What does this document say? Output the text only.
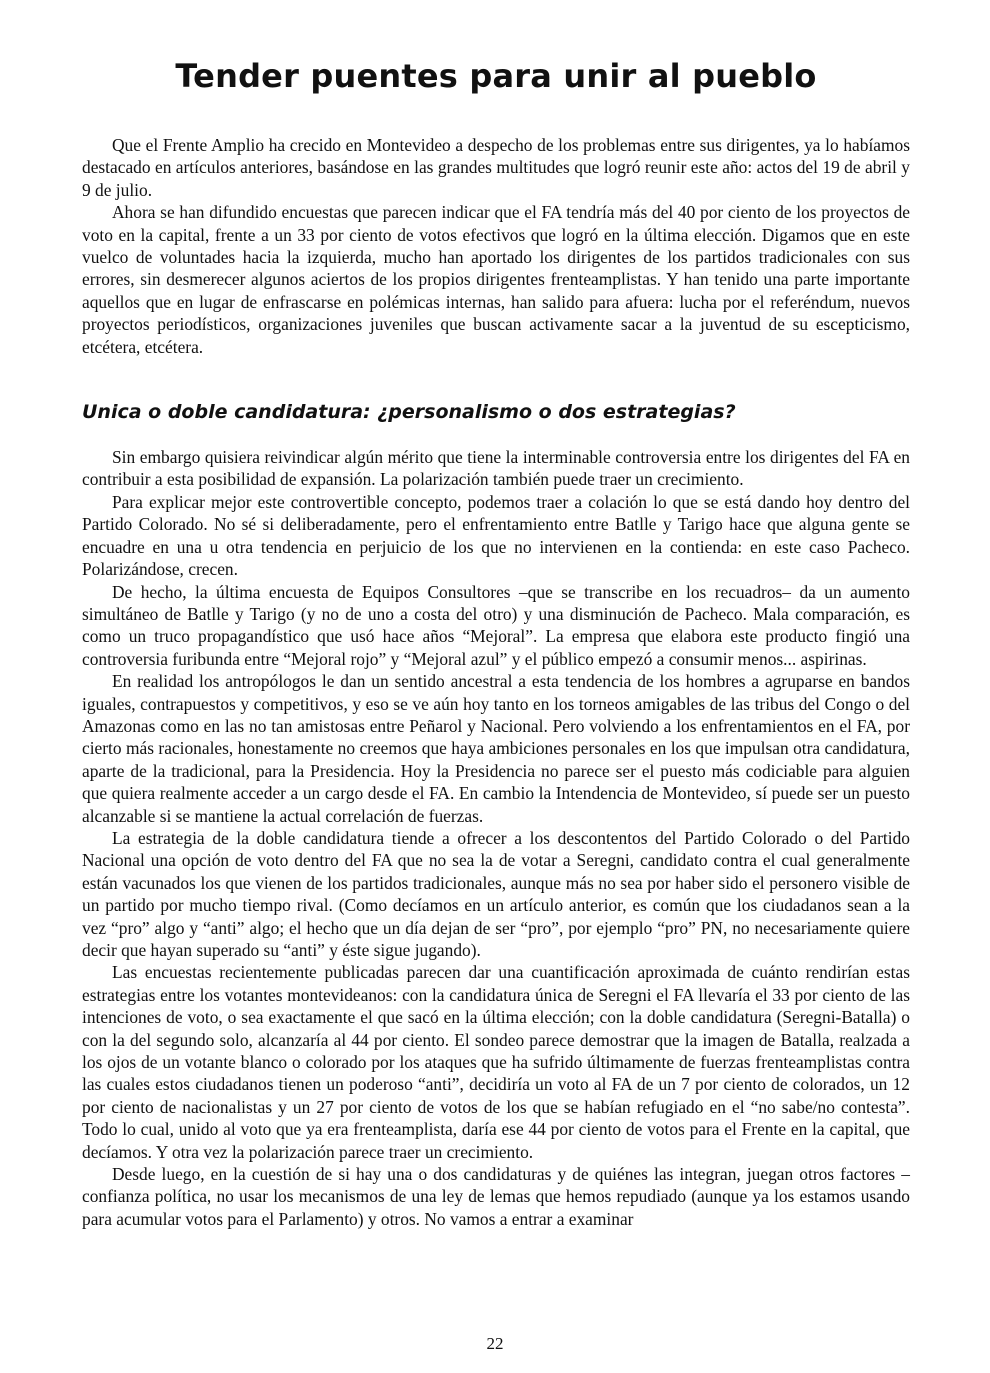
Tender puentes para unir al pueblo

Que el Frente Amplio ha crecido en Montevideo a despecho de los problemas entre sus dirigentes, ya lo habíamos destacado en artículos anteriores, basándose en las grandes multitudes que logró reunir este año: actos del 19 de abril y 9 de julio.

Ahora se han difundido encuestas que parecen indicar que el FA tendría más del 40 por ciento de los proyectos de voto en la capital, frente a un 33 por ciento de votos efectivos que logró en la última elección. Digamos que en este vuelco de voluntades hacia la izquierda, mucho han aportado los dirigentes de los partidos tradicionales con sus errores, sin desmerecer algunos aciertos de los propios dirigentes frenteamplistas. Y han tenido una parte importante aquellos que en lugar de enfrascarse en polémicas internas, han salido para afuera: lucha por el referéndum, nuevos proyectos periodísticos, organizaciones juveniles que buscan activamente sacar a la juventud de su escepticismo, etcétera, etcétera.

Unica o doble candidatura: ¿personalismo o dos estrategias?

Sin embargo quisiera reivindicar algún mérito que tiene la interminable controversia entre los dirigentes del FA en contribuir a esta posibilidad de expansión. La polarización también puede traer un crecimiento.

Para explicar mejor este controvertible concepto, podemos traer a colación lo que se está dando hoy dentro del Partido Colorado. No sé si deliberadamente, pero el enfrentamiento entre Batlle y Tarigo hace que alguna gente se encuadre en una u otra tendencia en perjuicio de los que no intervienen en la contienda: en este caso Pacheco. Polarizándose, crecen.

De hecho, la última encuesta de Equipos Consultores –que se transcribe en los recuadros– da un aumento simultáneo de Batlle y Tarigo (y no de uno a costa del otro) y una disminución de Pacheco. Mala comparación, es como un truco propagandístico que usó hace años “Mejoral”. La empresa que elabora este producto fingió una controversia furibunda entre “Mejoral rojo” y “Mejoral azul” y el público empezó a consumir menos... aspirinas.

En realidad los antropólogos le dan un sentido ancestral a esta tendencia de los hombres a agruparse en bandos iguales, contrapuestos y competitivos, y eso se ve aún hoy tanto en los torneos amigables de las tribus del Congo o del Amazonas como en las no tan amistosas entre Peñarol y Nacional. Pero volviendo a los enfrentamientos en el FA, por cierto más racionales, honestamente no creemos que haya ambiciones personales en los que impulsan otra candidatura, aparte de la tradicional, para la Presidencia. Hoy la Presidencia no parece ser el puesto más codiciable para alguien que quiera realmente acceder a un cargo desde el FA. En cambio la Intendencia de Montevideo, sí puede ser un puesto alcanzable si se mantiene la actual correlación de fuerzas.

La estrategia de la doble candidatura tiende a ofrecer a los descontentos del Partido Colorado o del Partido Nacional una opción de voto dentro del FA que no sea la de votar a Seregni, candidato contra el cual generalmente están vacunados los que vienen de los partidos tradicionales, aunque más no sea por haber sido el personero visible de un partido por mucho tiempo rival. (Como decíamos en un artículo anterior, es común que los ciudadanos sean a la vez “pro” algo y “anti” algo; el hecho que un día dejan de ser “pro”, por ejemplo “pro” PN, no necesariamente quiere decir que hayan superado su “anti” y éste sigue jugando).

Las encuestas recientemente publicadas parecen dar una cuantificación aproximada de cuánto rendirían estas estrategias entre los votantes montevideanos: con la candidatura única de Seregni el FA llevaría el 33 por ciento de las intenciones de voto, o sea exactamente el que sacó en la última elección; con la doble candidatura (Seregni-Batalla) o con la del segundo solo, alcanzaría al 44 por ciento. El sondeo parece demostrar que la imagen de Batalla, realzada a los ojos de un votante blanco o colorado por los ataques que ha sufrido últimamente de fuerzas frenteamplistas contra las cuales estos ciudadanos tienen un poderoso “anti”, decidiría un voto al FA de un 7 por ciento de colorados, un 12 por ciento de nacionalistas y un 27 por ciento de votos de los que se habían refugiado en el “no sabe/no contesta”. Todo lo cual, unido al voto que ya era frenteamplista, daría ese 44 por ciento de votos para el Frente en la capital, que decíamos. Y otra vez la polarización parece traer un crecimiento.

Desde luego, en la cuestión de si hay una o dos candidaturas y de quiénes las integran, juegan otros factores –confianza política, no usar los mecanismos de una ley de lemas que hemos repudiado (aunque ya los estamos usando para acumular votos para el Parlamento) y otros. No vamos a entrar a examinar

22
